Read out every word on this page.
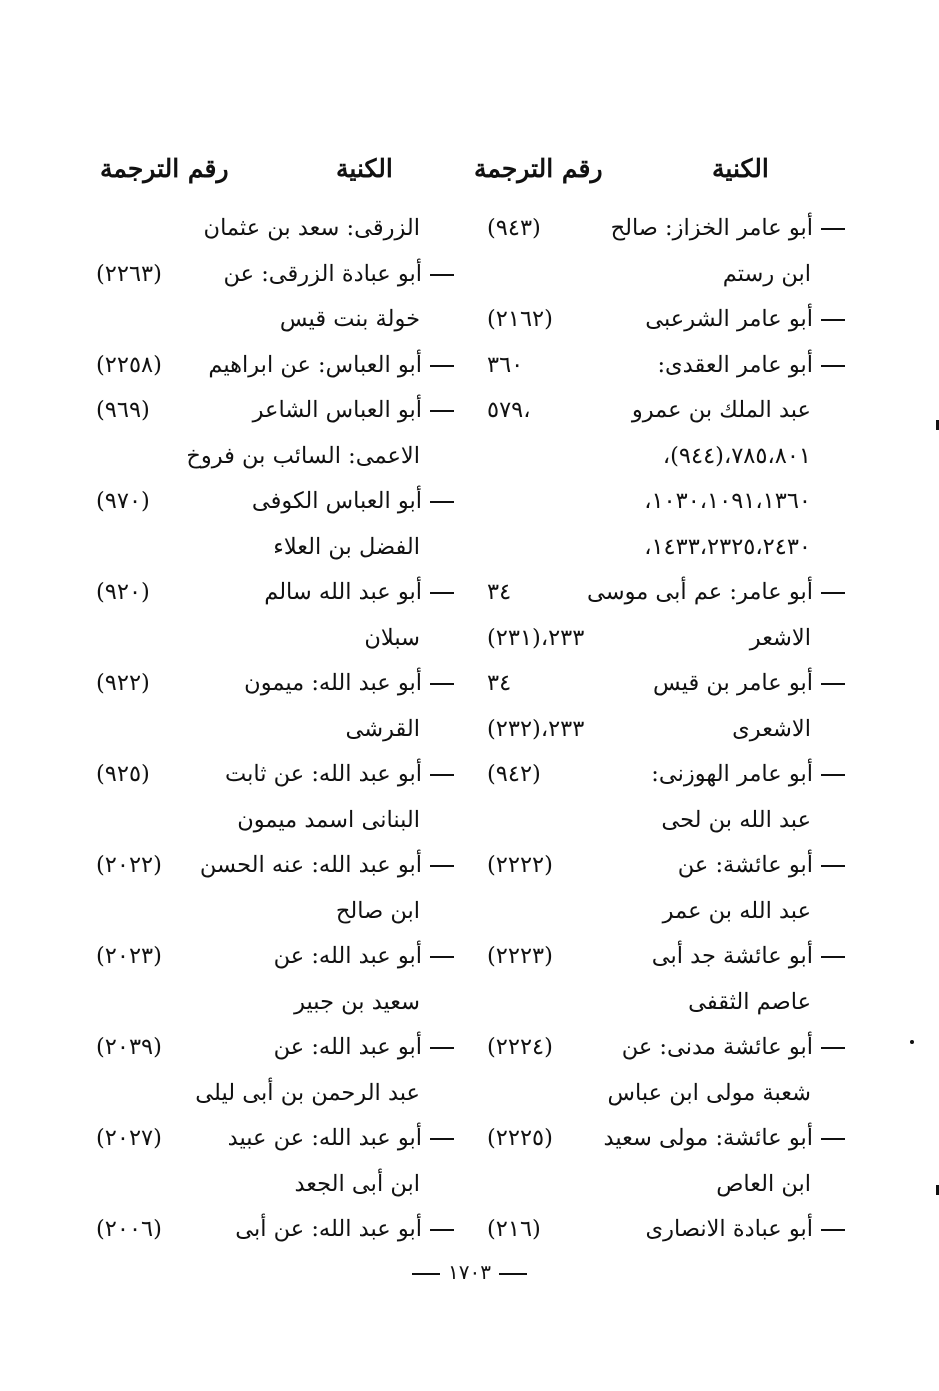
الكنية
رقم الترجمة
الكنية
رقم الترجمة
أبو عامر الخزاز: صالح
(٩٤٣)
ابن رستم
أبو عامر الشرعبى
(٢١٦٢)
أبو عامر العقدى:
٣٦٠
عبد الملك بن عمرو
٥٧٩،
٧٨٥،٨٠١،(٩٤٤)،
١٠٣٠،١٠٩١،١٣٦٠،
١٤٣٣،٢٣٢٥،٢٤٣٠،
أبو عامر: عم أبى موسى
٣٤
الاشعر
(٢٣١)،٢٣٣
أبو عامر بن قيس
٣٤
الاشعرى
(٢٣٢)،٢٣٣
أبو عامر الهوزنى:
(٩٤٢)
عبد الله بن لحى
أبو عائشة: عن
(٢٢٢٢)
عبد الله بن عمر
أبو عائشة جد أبى
(٢٢٢٣)
عاصم الثقفى
أبو عائشة مدنى: عن
(٢٢٢٤)
شعبة مولى ابن عباس
أبو عائشة: مولى سعيد
(٢٢٢٥)
ابن العاص
أبو عبادة الانصارى
(٢١٦)
الزرقى: سعد بن عثمان
أبو عبادة الزرقى: عن
(٢٢٦٣)
خولة بنت قيس
أبو العباس: عن ابراهيم
(٢٢٥٨)
أبو العباس الشاعر
(٩٦٩)
الاعمى: السائب بن فروخ
أبو العباس الكوفى
(٩٧٠)
الفضل بن العلاء
أبو عبد الله سالم
(٩٢٠)
سبلان
أبو عبد الله: ميمون
(٩٢٢)
القرشى
أبو عبد الله: عن ثابت
(٩٢٥)
البنانى اسمد ميمون
أبو عبد الله: عنه الحسن
(٢٠٢٢)
ابن صالح
أبو عبد الله: عن
(٢٠٢٣)
سعيد بن جبير
أبو عبد الله: عن
(٢٠٣٩)
عبد الرحمن بن أبى ليلى
أبو عبد الله: عن عبيد
(٢٠٢٧)
ابن أبى الجعد
أبو عبد الله: عن أبى
(٢٠٠٦)
١٧٠٣
